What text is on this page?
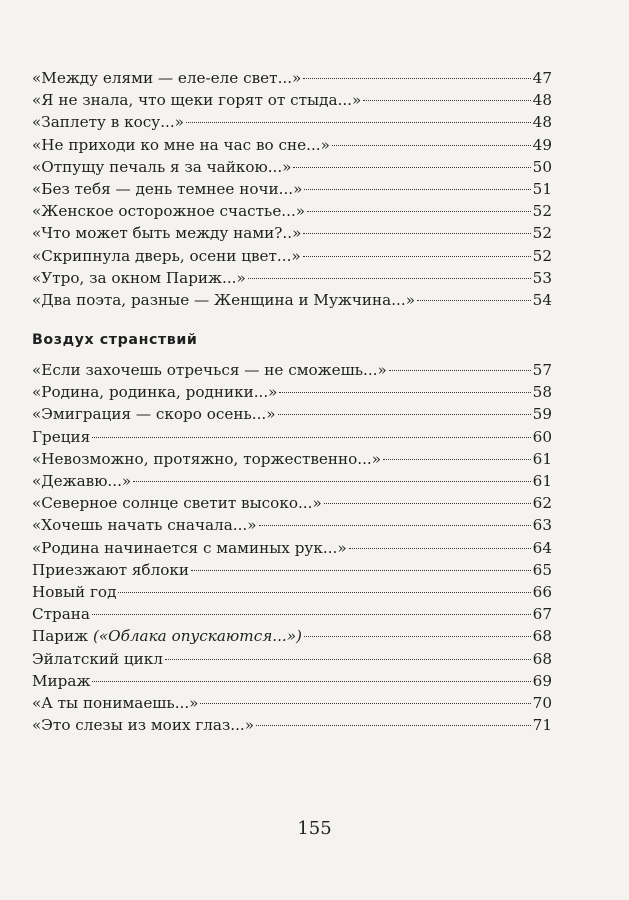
«Между елями — еле-еле свет...»	47
«Я не знала, что щеки горят от стыда...»	48
«Заплету в косу...»	48
«Не приходи ко мне на час во сне...»	49
«Отпущу печаль я за чайкою...»	50
«Без тебя — день темнее ночи...»	51
«Женское осторожное счастье...»	52
«Что может быть между нами?..»	52
«Скрипнула дверь, осени цвет...»	52
«Утро, за окном Париж...»	53
«Два поэта, разные — Женщина и Мужчина...»	54
Воздух странствий
«Если захочешь отречься — не сможешь...»	57
«Родина, родинка, родники...»	58
«Эмиграция — скоро осень...»	59
Греция	60
«Невозможно, протяжно, торжественно...»	61
«Дежавю...»	61
«Северное солнце светит высоко...»	62
«Хочешь начать сначала...»	63
«Родина начинается с маминых рук...»	64
Приезжают яблоки	65
Новый год	66
Страна	67
Париж («Облака опускаются...»)	68
Эйлатский цикл	68
Мираж	69
«А ты понимаешь...»	70
«Это слезы из моих глаз...»	71
155
